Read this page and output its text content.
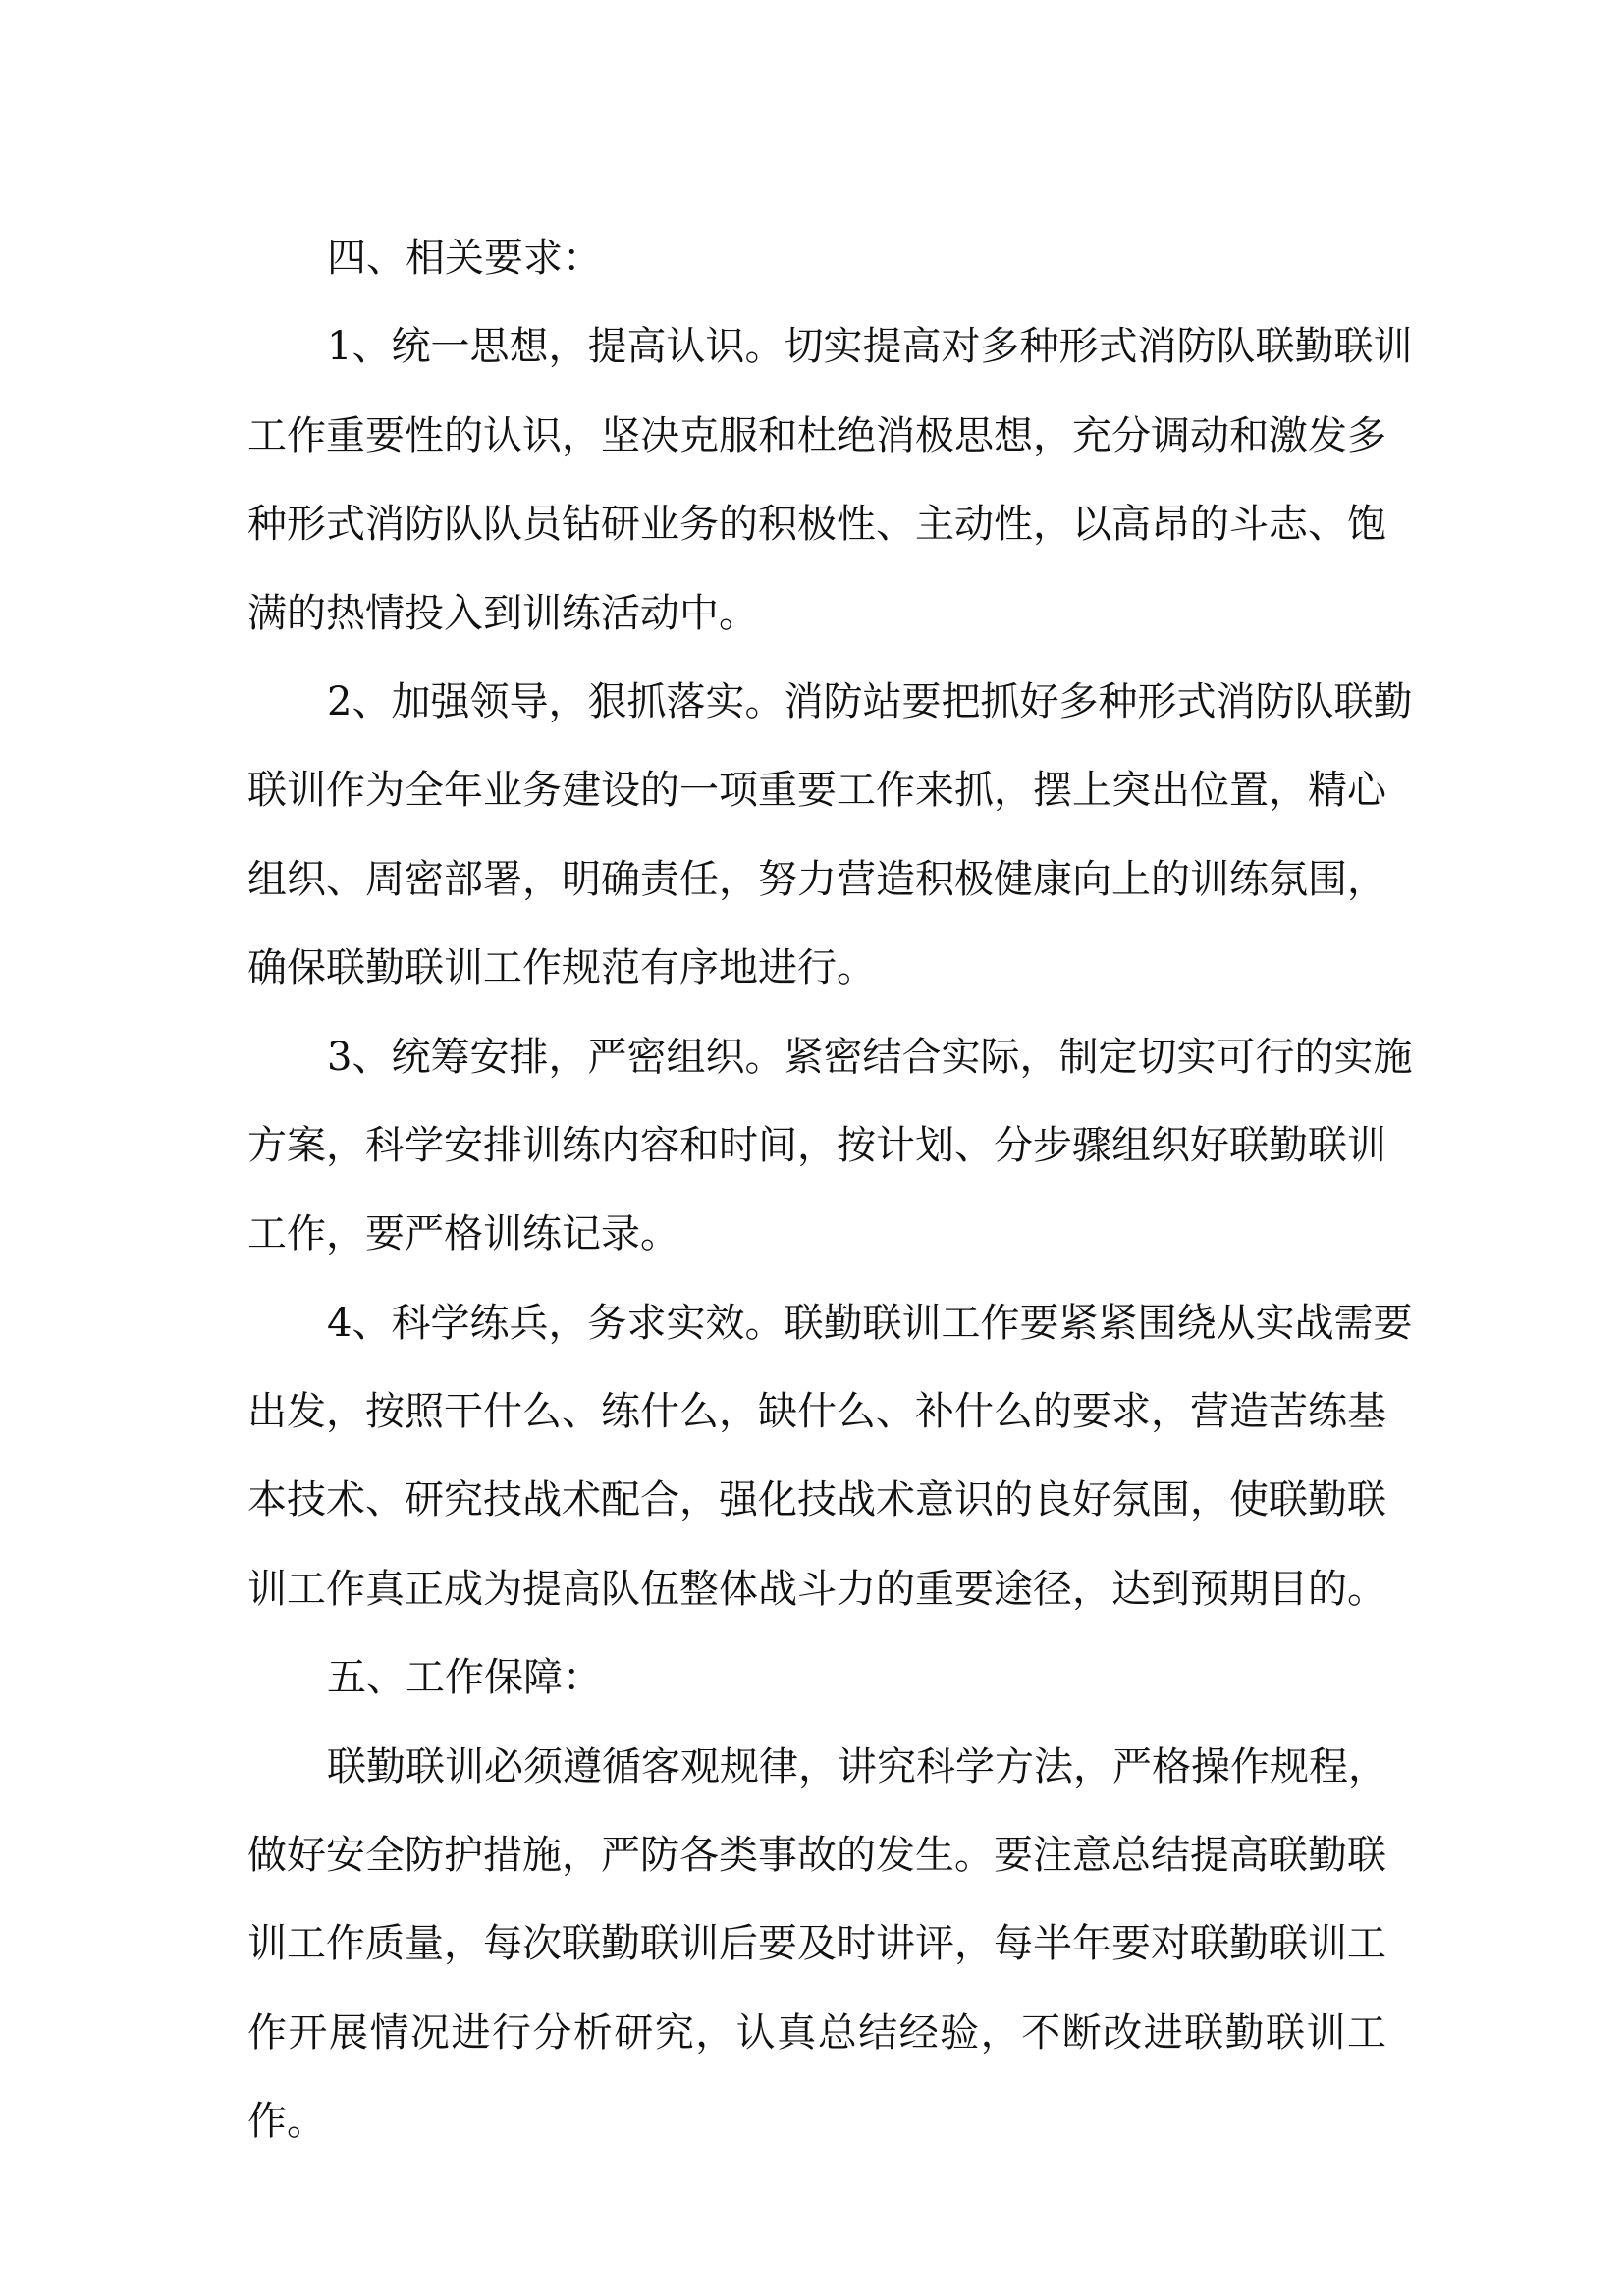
四、相关要求：
1、统一思想，提高认识。切实提高对多种形式消防队联勤联训
工作重要性的认识，坚决克服和杜绝消极思想，充分调动和激发多
种形式消防队队员钻研业务的积极性、主动性，以高昂的斗志、饱
满的热情投入到训练活动中。
2、加强领导，狠抓落实。消防站要把抓好多种形式消防队联勤
联训作为全年业务建设的一项重要工作来抓，摆上突出位置，精心
组织、周密部署，明确责任，努力营造积极健康向上的训练氛围，
确保联勤联训工作规范有序地进行。
3、统筹安排，严密组织。紧密结合实际，制定切实可行的实施
方案，科学安排训练内容和时间，按计划、分步骤组织好联勤联训
工作，要严格训练记录。
4、科学练兵，务求实效。联勤联训工作要紧紧围绕从实战需要
出发，按照干什么、练什么，缺什么、补什么的要求，营造苦练基
本技术、研究技战术配合，强化技战术意识的良好氛围，使联勤联
训工作真正成为提高队伍整体战斗力的重要途径，达到预期目的。
五、工作保障：
联勤联训必须遵循客观规律，讲究科学方法，严格操作规程，
做好安全防护措施，严防各类事故的发生。要注意总结提高联勤联
训工作质量，每次联勤联训后要及时讲评，每半年要对联勤联训工
作开展情况进行分析研究，认真总结经验，不断改进联勤联训工
作。
